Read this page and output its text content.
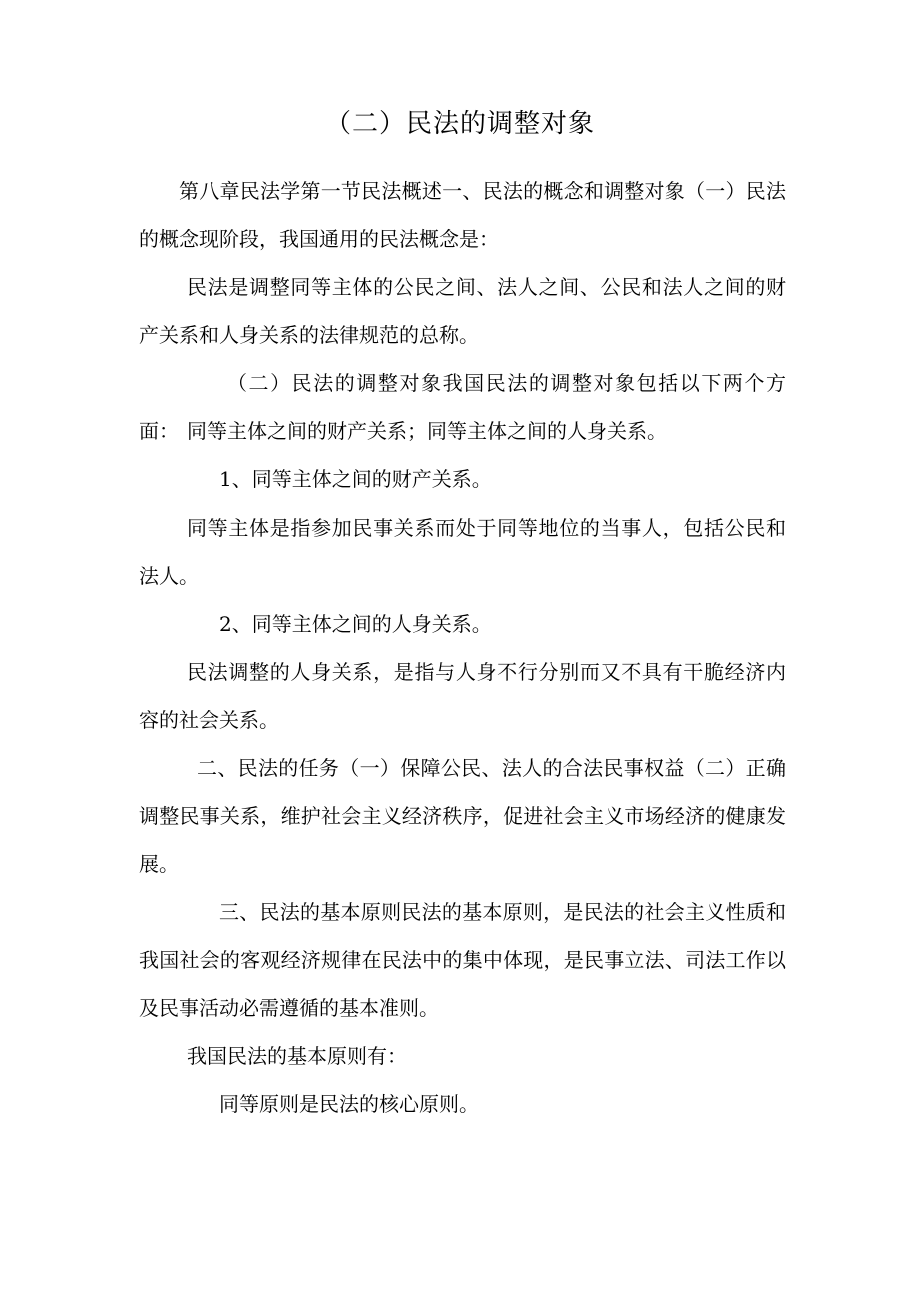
（二）民法的调整对象

第八章民法学第一节民法概述一、民法的概念和调整对象（一）民法的概念现阶段，我国通用的民法概念是：

民法是调整同等主体的公民之间、法人之间、公民和法人之间的财产关系和人身关系的法律规范的总称。

（二）民法的调整对象我国民法的调整对象包括以下两个方面： 同等主体之间的财产关系；同等主体之间的人身关系。

1、同等主体之间的财产关系。

同等主体是指参加民事关系而处于同等地位的当事人，包括公民和法人。

2、同等主体之间的人身关系。

民法调整的人身关系，是指与人身不行分别而又不具有干脆经济内容的社会关系。

二、民法的任务（一）保障公民、法人的合法民事权益（二）正确调整民事关系，维护社会主义经济秩序，促进社会主义市场经济的健康发展。

三、民法的基本原则民法的基本原则，是民法的社会主义性质和我国社会的客观经济规律在民法中的集中体现，是民事立法、司法工作以及民事活动必需遵循的基本准则。

我国民法的基本原则有：

同等原则是民法的核心原则。
